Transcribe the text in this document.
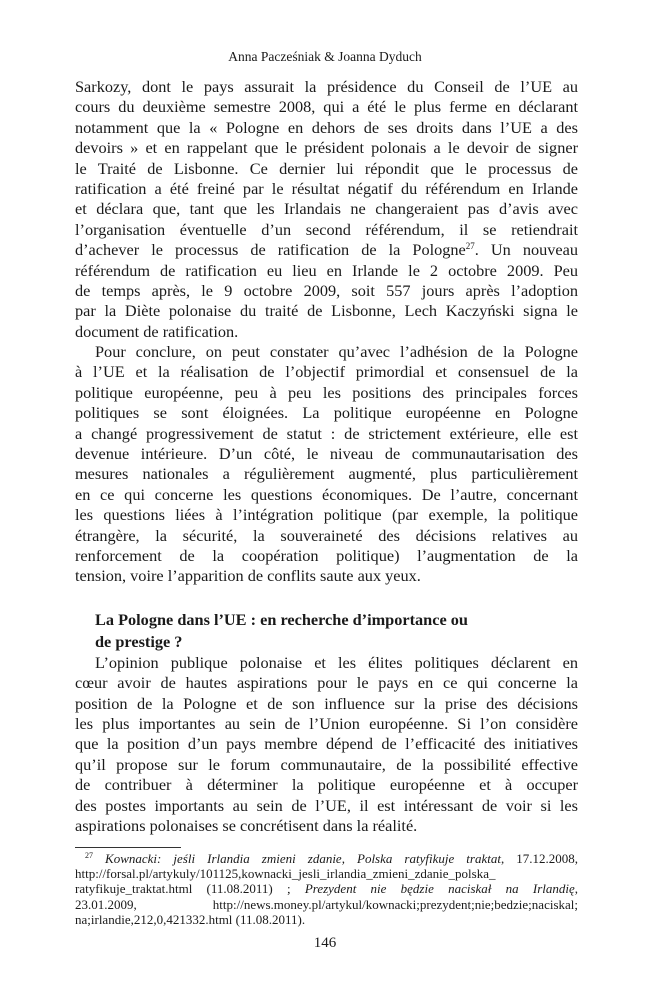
Anna Pacześniak & Joanna Dyduch
Sarkozy, dont le pays assurait la présidence du Conseil de l’UE au
cours du deuxième semestre 2008, qui a été le plus ferme en déclarant
notamment que la « Pologne en dehors de ses droits dans l’UE a des
devoirs » et en rappelant que le président polonais a le devoir de signer
le Traité de Lisbonne. Ce dernier lui répondit que le processus de
ratification a été freiné par le résultat négatif du référendum en Irlande
et déclara que, tant que les Irlandais ne changeraient pas d’avis avec
l’organisation éventuelle d’un second référendum, il se retiendrait
d’achever le processus de ratification de la Pologne$^{27}$. Un nouveau
référendum de ratification eu lieu en Irlande le 2 octobre 2009. Peu
de temps après, le 9 octobre 2009, soit 557 jours après l’adoption
par la Diète polonaise du traité de Lisbonne, Lech Kaczyński signa le
document de ratification.
Pour conclure, on peut constater qu’avec l’adhésion de la Pologne
à l’UE et la réalisation de l’objectif primordial et consensuel de la
politique européenne, peu à peu les positions des principales forces
politiques se sont éloignées. La politique européenne en Pologne
a changé progressivement de statut : de strictement extérieure, elle est
devenue intérieure. D’un côté, le niveau de communautarisation des
mesures nationales a régulièrement augmenté, plus particulièrement
en ce qui concerne les questions économiques. De l’autre, concernant
les questions liées à l’intégration politique (par exemple, la politique
étrangère, la sécurité, la souveraineté des décisions relatives au
renforcement de la coopération politique) l’augmentation de la
tension, voire l’apparition de conflits saute aux yeux.
La Pologne dans l’UE : en recherche d’importance ou
de prestige ?
L’opinion publique polonaise et les élites politiques déclarent en
cœur avoir de hautes aspirations pour le pays en ce qui concerne la
position de la Pologne et de son influence sur la prise des décisions
les plus importantes au sein de l’Union européenne. Si l’on considère
que la position d’un pays membre dépend de l’efficacité des initiatives
qu’il propose sur le forum communautaire, de la possibilité effective
de contribuer à déterminer la politique européenne et à occuper
des postes importants au sein de l’UE, il est intéressant de voir si les
aspirations polonaises se concrétisent dans la réalité.
$^{27}$ Kownacki: jeśli Irlandia zmieni zdanie, Polska ratyfikuje traktat, 17.12.2008,
http://forsal.pl/artykuly/101125,kownacki_jesli_irlandia_zmieni_zdanie_polska_
ratyfikuje_traktat.html (11.08.2011) ; Prezydent nie będzie naciskał na Irlandię,
23.01.2009, http://news.money.pl/artykul/kownacki;prezydent;nie;bedzie;naciskal;
na;irlandie,212,0,421332.html (11.08.2011).
146
